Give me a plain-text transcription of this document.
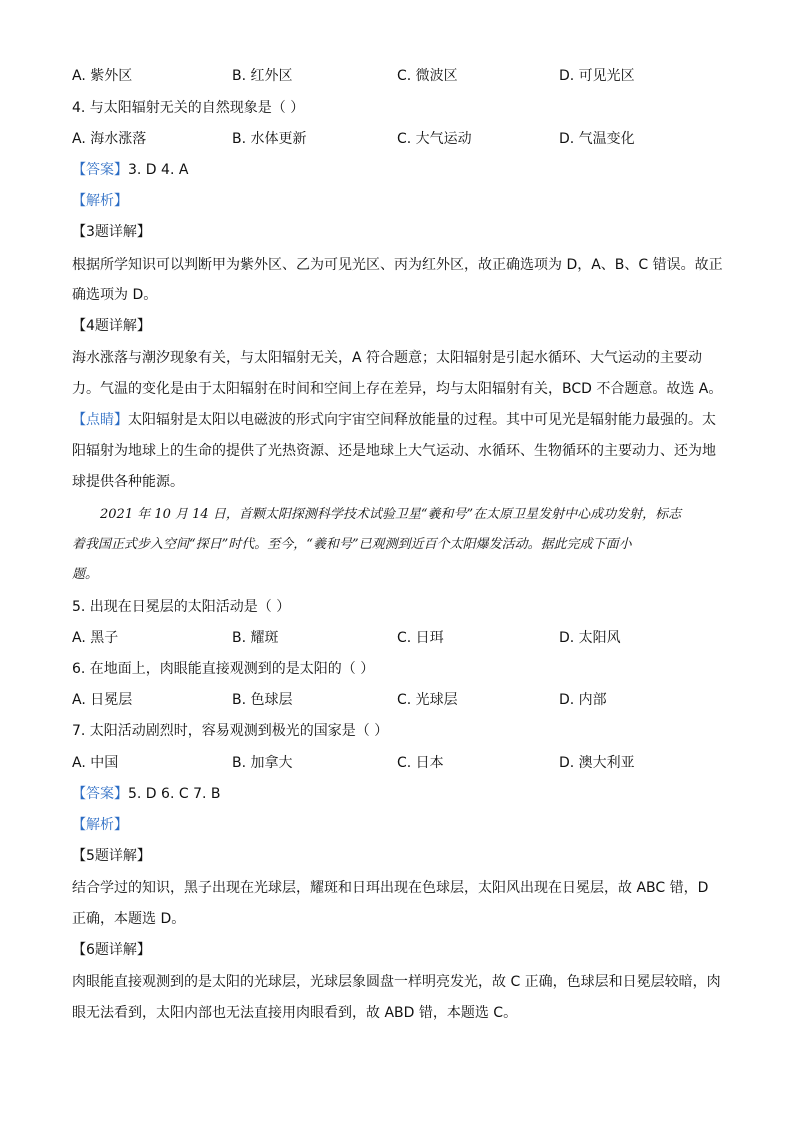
A. 紫外区	B. 红外区	C. 微波区	D. 可见光区
4. 与太阳辐射无关的自然现象是（ ）
A. 海水涨落	B. 水体更新	C. 大气运动	D. 气温变化
【答案】3. D 4. A
【解析】
【3题详解】
根据所学知识可以判断甲为紫外区、乙为可见光区、丙为红外区，故正确选项为 D，A、B、C 错误。故正
确选项为 D。
【4题详解】
海水涨落与潮汐现象有关，与太阳辐射无关，A 符合题意；太阳辐射是引起水循环、大气运动的主要动
力。气温的变化是由于太阳辐射在时间和空间上存在差异，均与太阳辐射有关，BCD 不合题意。故选 A。
【点睛】太阳辐射是太阳以电磁波的形式向宇宙空间释放能量的过程。其中可见光是辐射能力最强的。太
阳辐射为地球上的生命的提供了光热资源、还是地球上大气运动、水循环、生物循环的主要动力、还为地
球提供各种能源。
2021 年 10 月 14 日，首颗太阳探测科学技术试验卫星“羲和号”在太原卫星发射中心成功发射，标志
着我国正式步入空间“探日”时代。至今，“羲和号”已观测到近百个太阳爆发活动。据此完成下面小
题。
5. 出现在日冕层的太阳活动是（ ）
A. 黑子	B. 耀斑	C. 日珥	D. 太阳风
6. 在地面上，肉眼能直接观测到的是太阳的（ ）
A. 日冕层	B. 色球层	C. 光球层	D. 内部
7. 太阳活动剧烈时，容易观测到极光的国家是（ ）
A. 中国	B. 加拿大	C. 日本	D. 澳大利亚
【答案】5. D 6. C 7. B
【解析】
【5题详解】
结合学过的知识，黑子出现在光球层，耀斑和日珥出现在色球层，太阳风出现在日冕层，故 ABC 错，D
正确，本题选 D。
【6题详解】
肉眼能直接观测到的是太阳的光球层，光球层象圆盘一样明亮发光，故 C 正确，色球层和日冕层较暗，肉
眼无法看到，太阳内部也无法直接用肉眼看到，故 ABD 错，本题选 C。
